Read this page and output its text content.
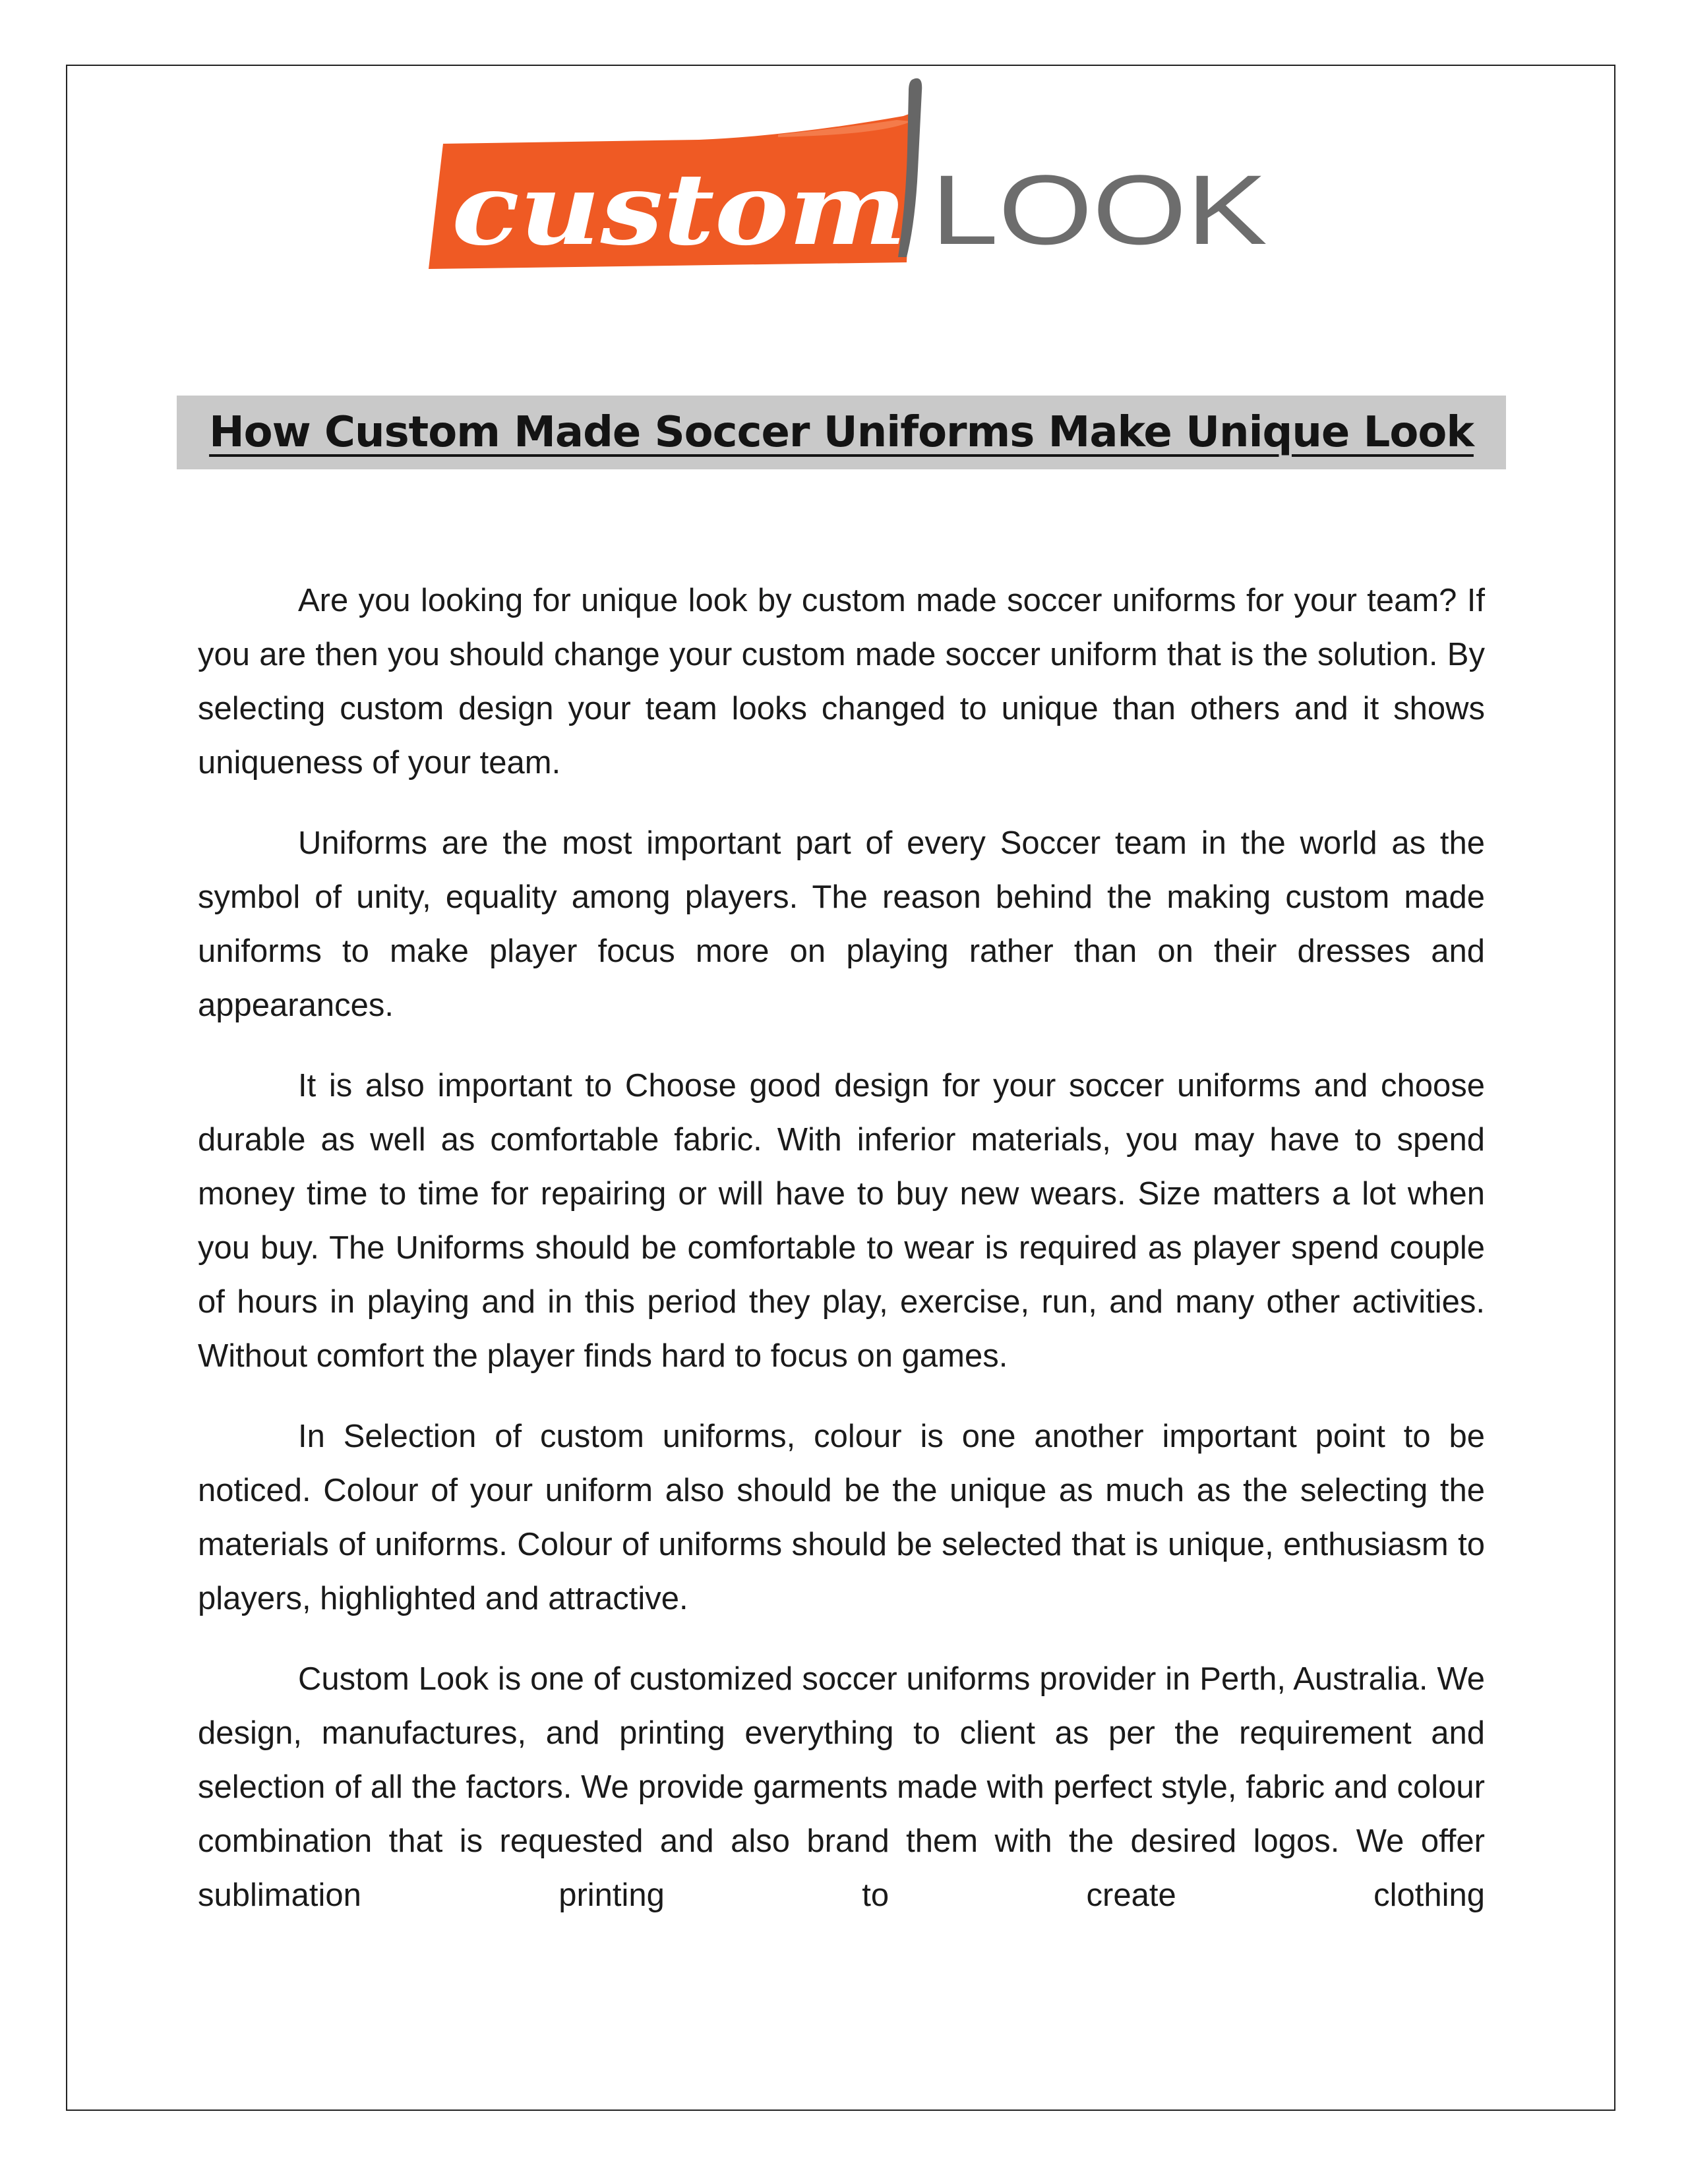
custom LOOK
How Custom Made Soccer Uniforms Make Unique Look

Are you looking for unique look by custom made soccer uniforms for your team? If you are then you should change your custom made soccer uniform that is the solution. By selecting custom design your team looks changed to unique than others and it shows uniqueness of your team.

Uniforms are the most important part of every Soccer team in the world as the symbol of unity, equality among players. The reason behind the making custom made uniforms to make player focus more on playing rather than on their dresses and appearances.

It is also important to Choose good design for your soccer uniforms and choose durable as well as comfortable fabric. With inferior materials, you may have to spend money time to time for repairing or will have to buy new wears. Size matters a lot when you buy. The Uniforms should be comfortable to wear is required as player spend couple of hours in playing and in this period they play, exercise, run, and many other activities. Without comfort the player finds hard to focus on games.

In Selection of custom uniforms, colour is one another important point to be noticed. Colour of your uniform also should be the unique as much as the selecting the materials of uniforms. Colour of uniforms should be selected that is unique, enthusiasm to players, highlighted and attractive.

Custom Look is one of customized soccer uniforms provider in Perth, Australia. We design, manufactures, and printing everything to client as per the requirement and selection of all the factors. We provide garments made with perfect style, fabric and colour combination that is requested and also brand them with the desired logos. We offer sublimation printing to create clothing
